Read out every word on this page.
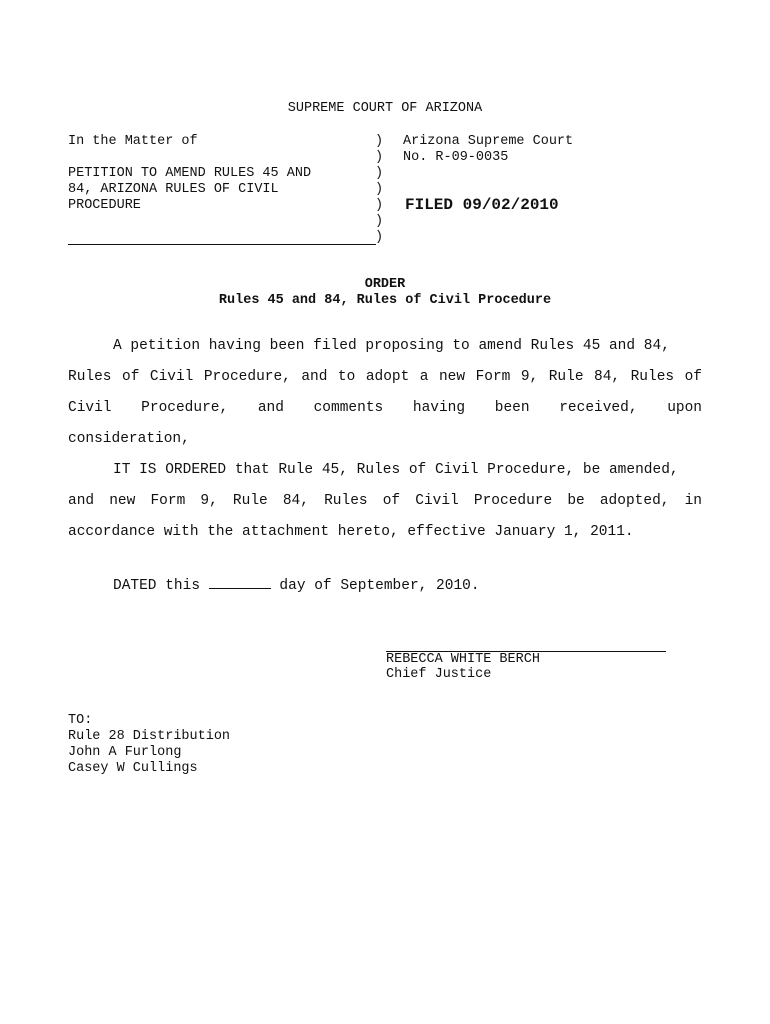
SUPREME COURT OF ARIZONA
In the Matter of
PETITION TO AMEND RULES 45 AND
84, ARIZONA RULES OF CIVIL
PROCEDURE
)
)
)
)
)
)
)
Arizona Supreme Court
No. R-09-0035
FILED 09/02/2010
ORDER
Rules 45 and 84, Rules of Civil Procedure
A petition having been filed proposing to amend Rules 45 and 84,
Rules of Civil Procedure, and to adopt a new Form 9, Rule 84, Rules of
Civil Procedure, and comments having been received, upon
consideration,
IT IS ORDERED that Rule 45, Rules of Civil Procedure, be amended,
and new Form 9, Rule 84, Rules of Civil Procedure be adopted, in
accordance with the attachment hereto, effective January 1, 2011.
DATED this	day of September, 2010.
REBECCA WHITE BERCH
Chief Justice
TO:
Rule 28 Distribution
John A Furlong
Casey W Cullings
